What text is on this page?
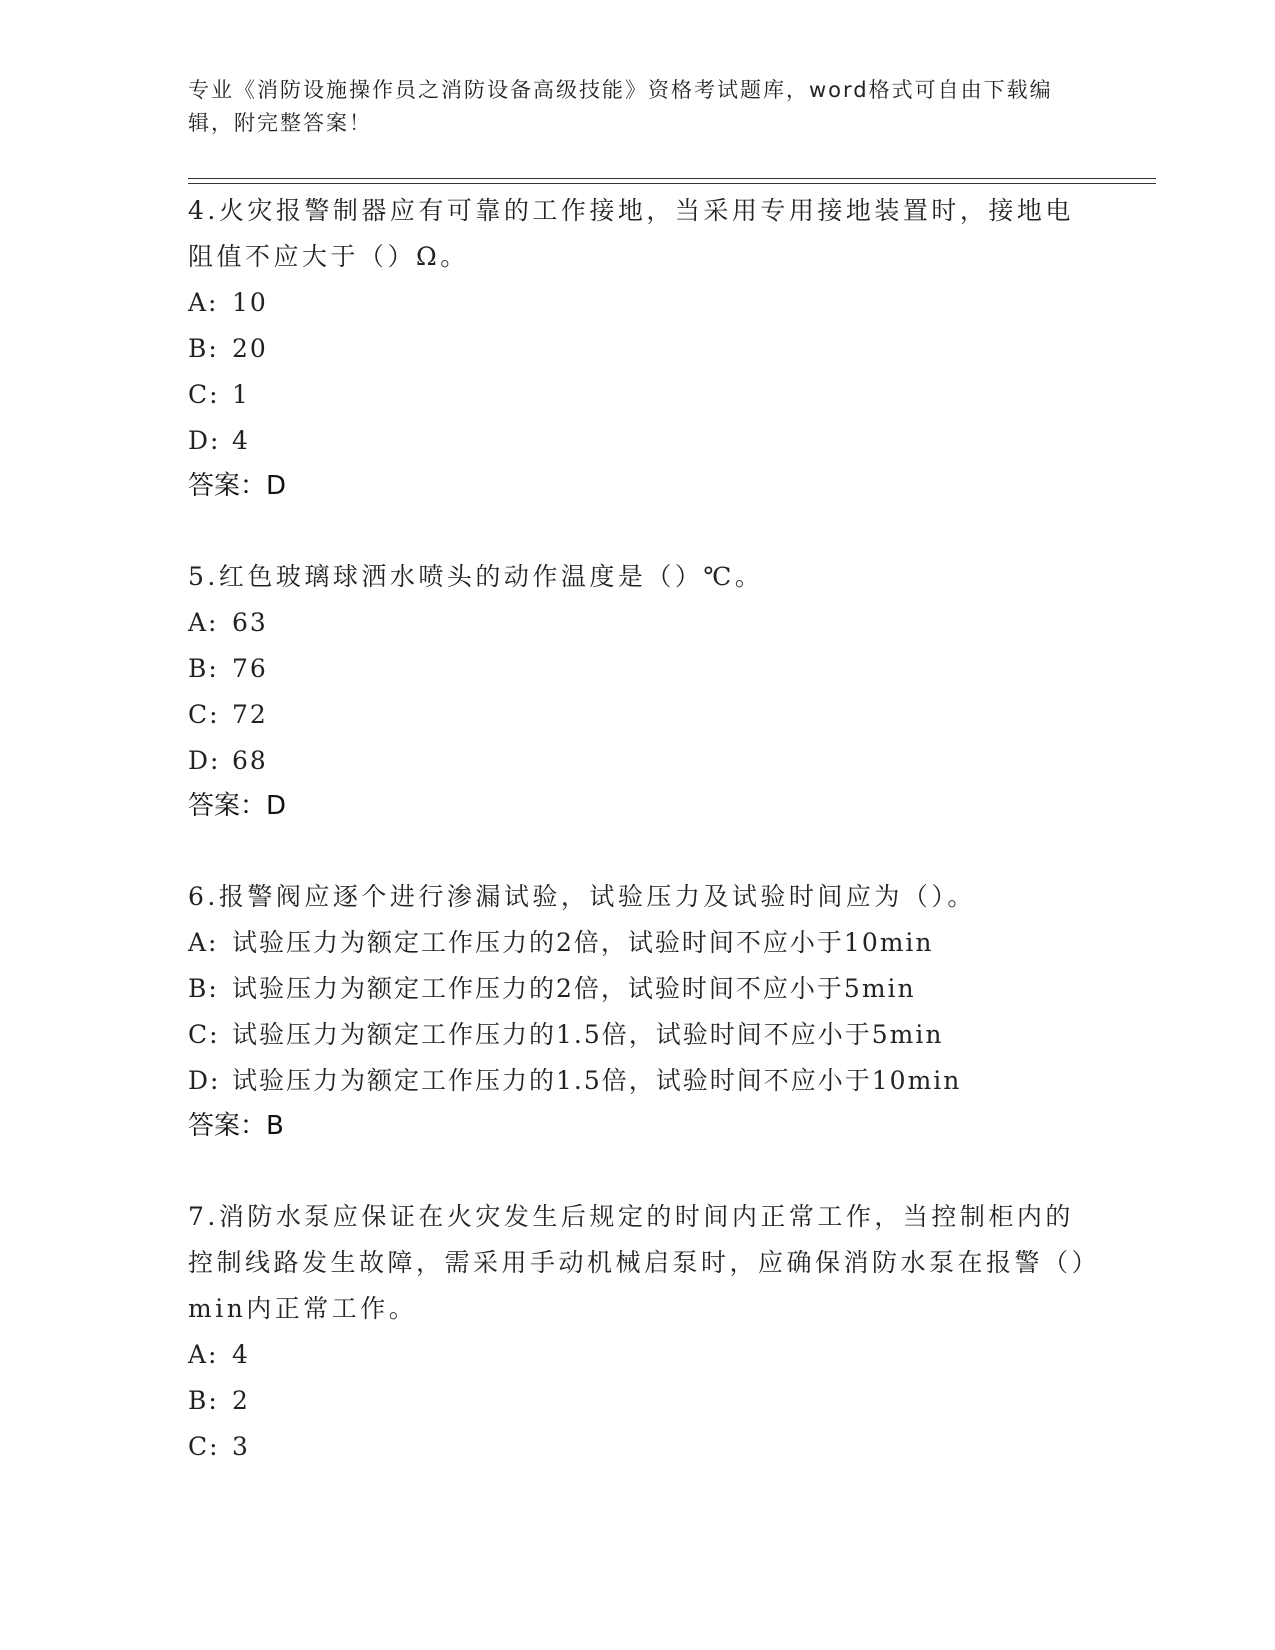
专业《消防设施操作员之消防设备高级技能》资格考试题库，word格式可自由下载编辑，附完整答案！

4.火灾报警制器应有可靠的工作接地，当采用专用接地装置时，接地电阻值不应大于（）Ω。

A: 10
B: 20
C: 1
D: 4
答案：D

5.红色玻璃球洒水喷头的动作温度是（）℃。

A: 63
B: 76
C: 72
D: 68
答案：D

6.报警阀应逐个进行渗漏试验，试验压力及试验时间应为（）。

A: 试验压力为额定工作压力的2倍，试验时间不应小于10min
B: 试验压力为额定工作压力的2倍，试验时间不应小于5min
C: 试验压力为额定工作压力的1.5倍，试验时间不应小于5min
D: 试验压力为额定工作压力的1.5倍，试验时间不应小于10min
答案：B

7.消防水泵应保证在火灾发生后规定的时间内正常工作，当控制柜内的控制线路发生故障，需采用手动机械启泵时，应确保消防水泵在报警（）min内正常工作。

A: 4
B: 2
C: 3
